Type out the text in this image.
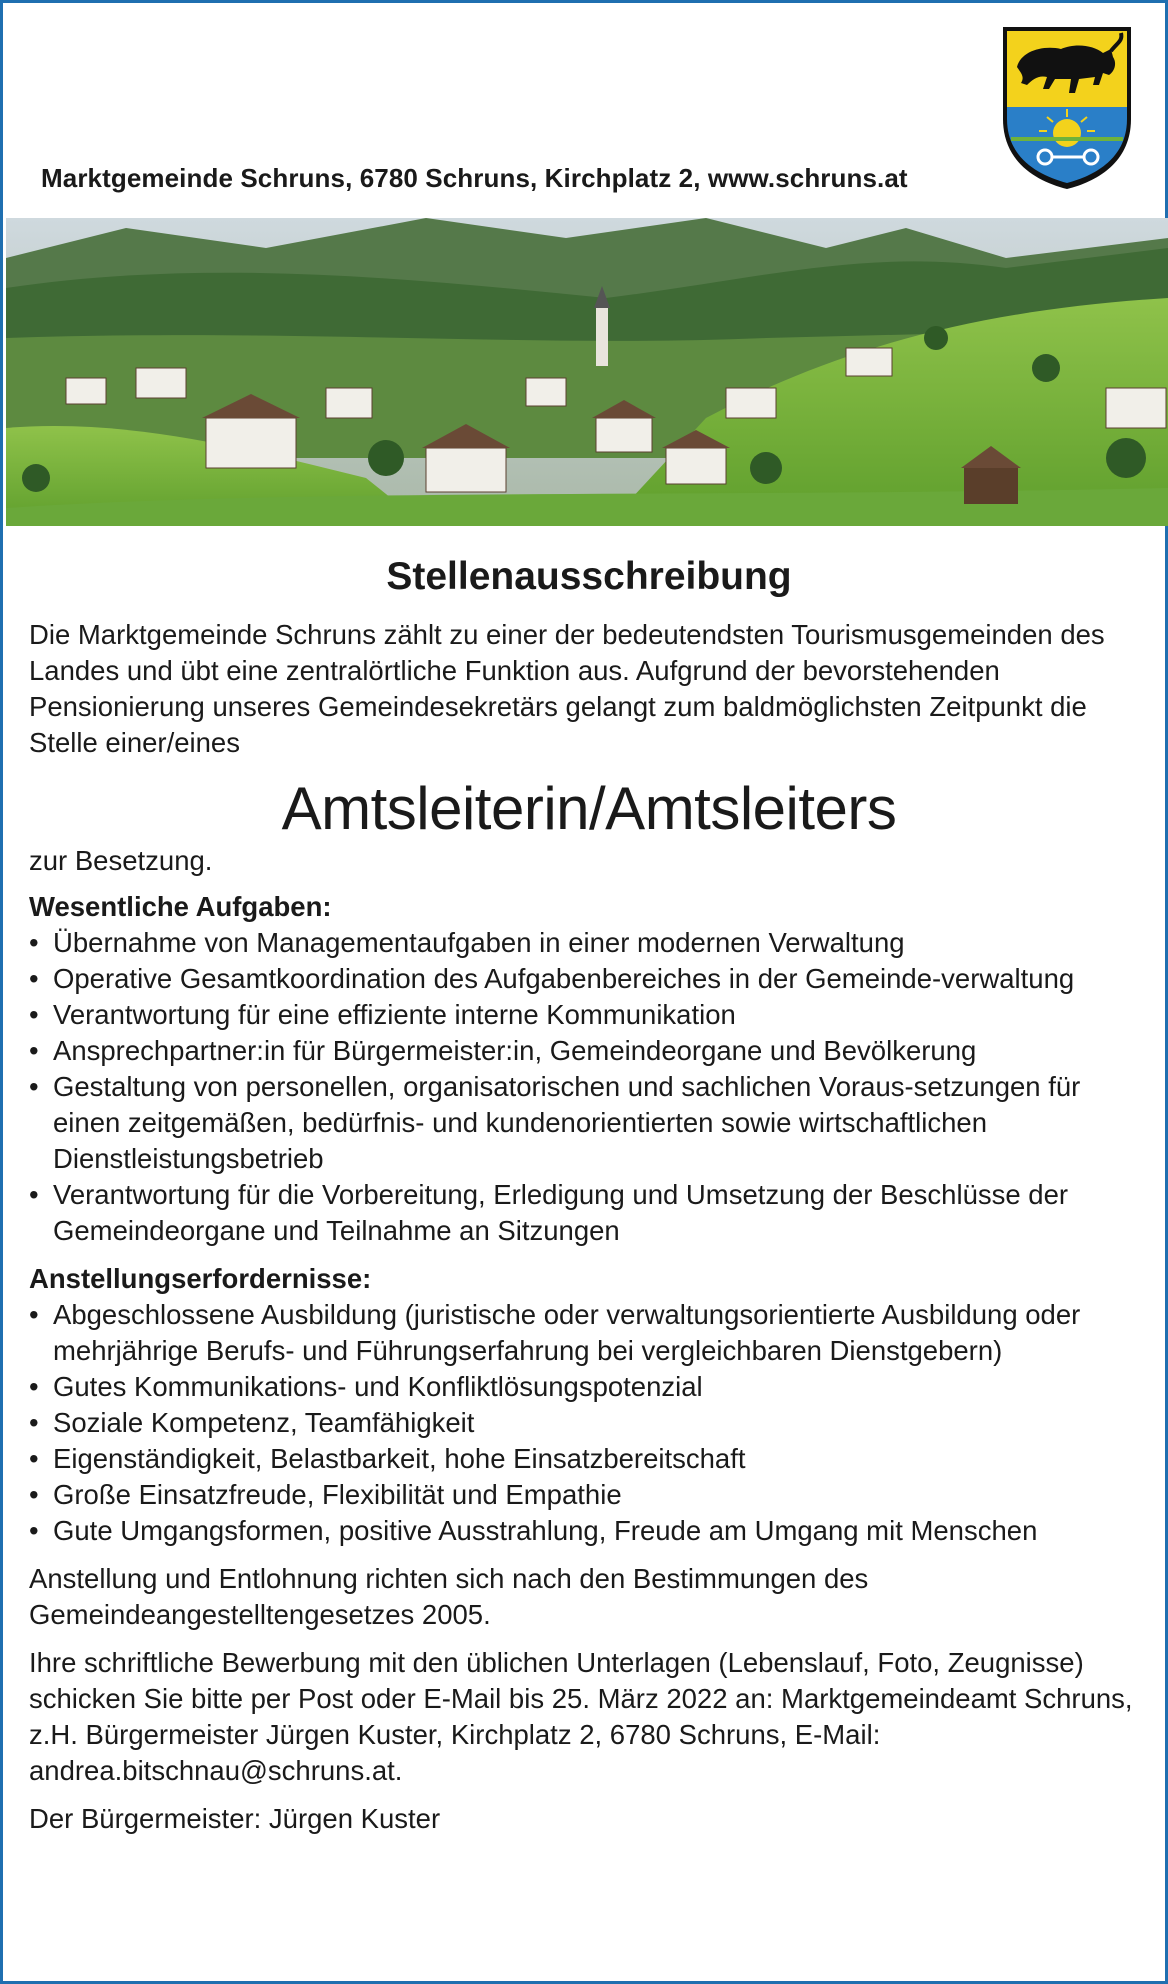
Marktgemeinde Schruns, 6780 Schruns, Kirchplatz 2, www.schruns.at
Stellenausschreibung

Die Marktgemeinde Schruns zählt zu einer der bedeutendsten Tourismusgemeinden des Landes und übt eine zentralörtliche Funktion aus. Aufgrund der bevorstehenden Pensionierung unseres Gemeindesekretärs gelangt zum baldmöglichsten Zeitpunkt die Stelle einer/eines

Amtsleiterin/Amtsleiters

zur Besetzung.

Wesentliche Aufgaben:
• Übernahme von Managementaufgaben in einer modernen Verwaltung
• Operative Gesamtkoordination des Aufgabenbereiches in der Gemeinde-verwaltung
• Verantwortung für eine effiziente interne Kommunikation
• Ansprechpartner:in für Bürgermeister:in, Gemeindeorgane und Bevölkerung
• Gestaltung von personellen, organisatorischen und sachlichen Voraus-setzungen für einen zeitgemäßen, bedürfnis- und kundenorientierten sowie wirtschaftlichen Dienstleistungsbetrieb
• Verantwortung für die Vorbereitung, Erledigung und Umsetzung der Beschlüsse der Gemeindeorgane und Teilnahme an Sitzungen
Anstellungserfordernisse:
• Abgeschlossene Ausbildung (juristische oder verwaltungsorientierte Ausbildung oder mehrjährige Berufs- und Führungserfahrung bei vergleichbaren Dienstgebern)
• Gutes Kommunikations- und Konfliktlösungspotenzial
• Soziale Kompetenz, Teamfähigkeit
• Eigenständigkeit, Belastbarkeit, hohe Einsatzbereitschaft
• Große Einsatzfreude, Flexibilität und Empathie
• Gute Umgangsformen, positive Ausstrahlung, Freude am Umgang mit Menschen

Anstellung und Entlohnung richten sich nach den Bestimmungen des Gemeindeangestelltengesetzes 2005.

Ihre schriftliche Bewerbung mit den üblichen Unterlagen (Lebenslauf, Foto, Zeugnisse) schicken Sie bitte per Post oder E-Mail bis 25. März 2022 an: Marktgemeindeamt Schruns, z.H. Bürgermeister Jürgen Kuster, Kirchplatz 2, 6780 Schruns, E-Mail: andrea.bitschnau@schruns.at.

Der Bürgermeister: Jürgen Kuster
